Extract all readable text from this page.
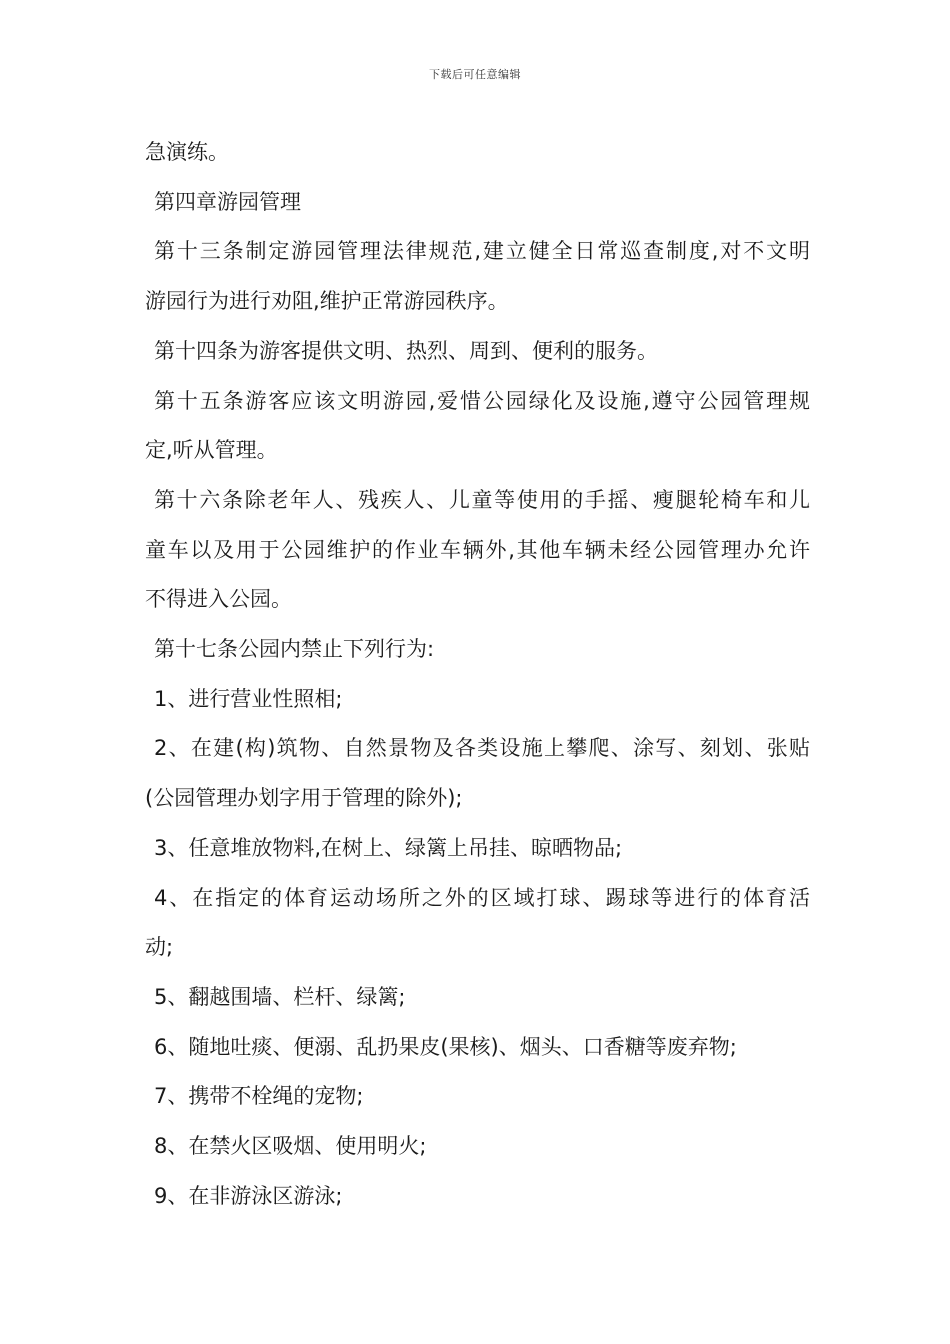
下载后可任意编辑

急演练。

第四章游园管理

第十三条制定游园管理法律规范,建立健全日常巡查制度,对不文明

游园行为进行劝阻,维护正常游园秩序。

第十四条为游客提供文明、热烈、周到、便利的服务。

第十五条游客应该文明游园,爱惜公园绿化及设施,遵守公园管理规

定,听从管理。

第十六条除老年人、残疾人、儿童等使用的手摇、瘦腿轮椅车和儿

童车以及用于公园维护的作业车辆外,其他车辆未经公园管理办允许

不得进入公园。

第十七条公园内禁止下列行为:

1、进行营业性照相;

2、在建(构)筑物、自然景物及各类设施上攀爬、涂写、刻划、张贴

(公园管理办划字用于管理的除外);

3、任意堆放物料,在树上、绿篱上吊挂、晾晒物品;

4、在指定的体育运动场所之外的区域打球、踢球等进行的体育活

动;

5、翻越围墙、栏杆、绿篱;

6、随地吐痰、便溺、乱扔果皮(果核)、烟头、口香糖等废弃物;

7、携带不栓绳的宠物;

8、在禁火区吸烟、使用明火;

9、在非游泳区游泳;
